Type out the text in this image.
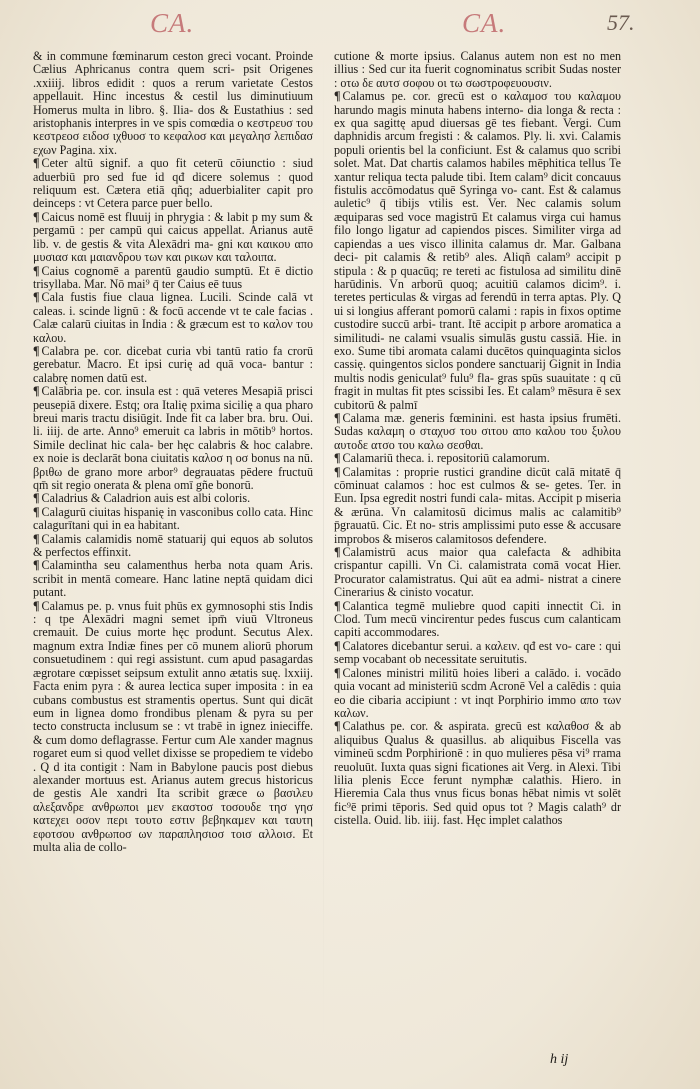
CA.	CA.	57.

& in commune fœminarum ceston greci vocant. Proinde Cælius Aphricanus contra quem scri- psit Origenes .xxiiij. libros edidit : quos a rerum varietate Cestos appellauit. Hinc incestus & cestil lus diminutiuum Homerus multa in libro. §. Ilia- dos & Eustathius : sed aristophanis interpres in ve spis comœdia o κεστρευσ του κεστρεοσ ειδοσ ιχθυοσ το κεφαλοσ και μεγαλησ λεπιδασ εχων Pagina. xix.

¶ Ceter altū signif. a quo fit ceterū cōiunctio : siud aduerbiū pro sed fue id qđ dicere solemus : quod reliquum est. Cætera etiā qñq; aduerbialiter capit pro deinceps : vt Cetera parce puer bello.

¶ Caicus nomē est fluuij in phrygia : & labit p my sum & pergamū : per campū qui caicus appellat. Arianus autē lib. v. de gestis & vita Alexādri ma- gni και καικου απο μυσιασ και μαιανδρου των και ρικων και ταλοιπα.

¶ Caius cognomē a parentū gaudio sumptū. Et ē dictio trisyllaba. Mar. Nō mai⁹ q̄ ter Caius eē tuus

¶ Cala fustis fiue claua lignea. Lucili. Scinde calā vt caleas. i. scinde lignū : & focū accende vt te cale facias . Calæ calarū ciuitas in India : & græcum est το καλον του καλου.

¶ Calabra pe. cor. dicebat curia vbi tantū ratio fa crorū gerebatur. Macro. Et ipsi curię ad quā voca- bantur : calabrę nomen datū est.

¶ Calābria pe. cor. insula est : quā veteres Mesapiā prisci peusepiā dixere. Estq; ora Italię pxima sicilię a qua pharo breui maris tractu disiūgit. Inde fit ca laber bra. bru. Oui. li. iiij. de arte. Anno⁹ emeruit ca labris in mōtib⁹ hortos. Simile declinat hic cala- ber hęc calabris & hoc calabre. ex noie is declarāt bona ciuitatis καλοσ η οσ bonus na nū. βριθω de grano more arbor⁹ degrauatas pēdere fructuū qm̄ sit regio onerata & plena omī gñe bonorū.

¶ Caladrius & Caladrion auis est albi coloris.

¶ Calagurū ciuitas hispanię in vasconibus collo cata. Hinc calagurītani qui in ea habitant.

¶ Calamis calamidis nomē statuarij qui equos ab solutos & perfectos effinxit.

¶ Calamintha seu calamenthus herba nota quam Aris. scribit in mentā comeare. Hanc latine neptā quidam dici putant.

¶ Calamus pe. p. vnus fuit phūs ex gymnosophi stis Indis : q tpe Alexādri magni semet ipm̄ viuū Vltroneus cremauit. De cuius morte hęc produnt. Secutus Alex. magnum extra Indiæ fines per cō munem aliorū phorum consuetudinem : qui regi assistunt. cum apud pasagardas ægrotare cœpisset seipsum extulit anno ætatis suę. lxxiij. Facta enim pyra : & aurea lectica super imposita : in ea cubans combustus est stramentis opertus. Sunt qui dicāt eum in lignea domo frondibus plenam & pyra su per tecto constructa inclusum se : vt trabē in ignez inieciffe. & cum domo deflagrasse. Fertur cum Ale xander magnus rogaret eum si quod vellet dixisse se propediem te videbo . Q d ita contigit : Nam in Babylone paucis post diebus alexander mortuus est. Arianus autem grecus historicus de gestis Ale xandri Ita scribit græce ω βασιλευ αλεξανδρε ανθρωποι μεν εκαστοσ τοσουδε τησ γησ κατεχει οσον περι τουτο εστιν βεβηκαμεν και ταυτη εφοτσου ανθρωποσ ων παραπλησιοσ τοισ αλλοισ. Et multa alia de collo-

cutione & morte ipsius. Calanus autem non est no men illius : Sed cur ita fuerit cognominatus scribit Sudas noster : οτω δε αυτσ σοφου οι τω σωστροφευουσιν.

¶ Calamus pe. cor. grecū est o καλαμοσ του καλαμου harundo magis minuta habens interno- dia longa & recta : ex qua sagittę apud diuersas gē tes fiebant. Vergi. Cum daphnidis arcum fregisti : & calamos. Ply. li. xvi. Calamis populi orientis bel la conficiunt. Est & calamus quo scribi solet. Mat. Dat chartis calamos habiles mēphitica tellus Te xantur reliqua tecta palude tibi. Item calam⁹ dicit concauus fistulis accōmodatus quē Syringa vo- cant. Est & calamus auletic⁹ q̄ tibijs vtilis est. Ver. Nec calamis solum æquiparas sed voce magistrū Et calamus virga cui hamus filo longo ligatur ad capiendos pisces. Similiter virga ad capiendas a ues visco illinita calamus dr. Mar. Galbana deci- pit calamis & retib⁹ ales. Aliqñ calam⁹ accipit p stipula : & p quacūq; re tereti ac fistulosa ad similitu dinē harūdinis. Vn arborū quoq; acuitiū calamos dicim⁹. i. teretes perticulas & virgas ad ferendū in terra aptas. Ply. Q ui si longius afferant pomorū calami : rapis in fixos optime custodire succū arbi- trant. Itē accipit p arbore aromatica a similitudi- ne calami vsualis simulās gustu cassiā. Hie. in exo. Sume tibi aromata calami ducētos quinquaginta siclos cassię. quingentos siclos pondere sanctuarij Gignit in India multis nodis geniculat⁹ fulu⁹ fla- gras spūs suauitate : q cū fragit in multas fit ptes scissibi Ies. Et calam⁹ mēsura ē sex cubitorū & palmī

¶ Calama mæ. generis fœminini. est hasta ipsius frumēti. Sudas καλαμη ο σταχυσ του σιτου απο καλου του ξυλου αυτοδε ατσο του καλω σεσθαι.

¶ Calamariū theca. i. repositoriū calamorum.

¶ Calamitas : proprie rustici grandine dicūt calā mitatē q̄ cōminuat calamos : hoc est culmos & se- getes. Ter. in Eun. Ipsa egredit nostri fundi cala- mitas. Accipit p miseria & ærūna. Vn calamitosū dicimus malis ac calamitib⁹ p̄grauatū. Cic. Et no- stris amplissimi puto esse & accusare improbos & miseros calamitosos defendere.

¶ Calamistrū acus maior qua calefacta & adhibita crispantur capilli. Vn Ci. calamistrata comā vocat Hier. Procurator calamistratus. Qui aūt ea admi- nistrat a cinere Cinerarius & cinisto vocatur.

¶ Calantica tegmē muliebre quod capiti innectit Ci. in Clod. Tum mecū vincirentur pedes fuscus cum calanticam capiti accommodares.

¶ Calatores dicebantur serui. a καλειν. qđ est vo- care : qui semp vocabant ob necessitate seruitutis.

¶ Calones ministri militū hoies liberi a calādo. i. vocādo quia vocant ad ministeriū scdm Acronē Vel a calēdis : quia eo die cibaria accipiunt : vt inqt Porphirio immo απο των καλων.

¶ Calathus pe. cor. & aspirata. grecū est καλαθοσ & ab aliquibus Qualus & quasillus. ab aliquibus Fiscella vas vimineū scdm Porphirionē : in quo mulieres pēsa vi⁹ rrama reuoluūt. Iuxta quas signi ficationes ait Verg. in Alexi. Tibi lilia plenis Ecce ferunt nymphæ calathis. Hiero. in Hieremia Cala thus vnus ficus bonas hēbat nimis vt solēt fic⁹ē primi tēporis. Sed quid opus tot ? Magis calath⁹ dr cistella. Ouid. lib. iiij. fast. Hęc implet calathos

h ij
